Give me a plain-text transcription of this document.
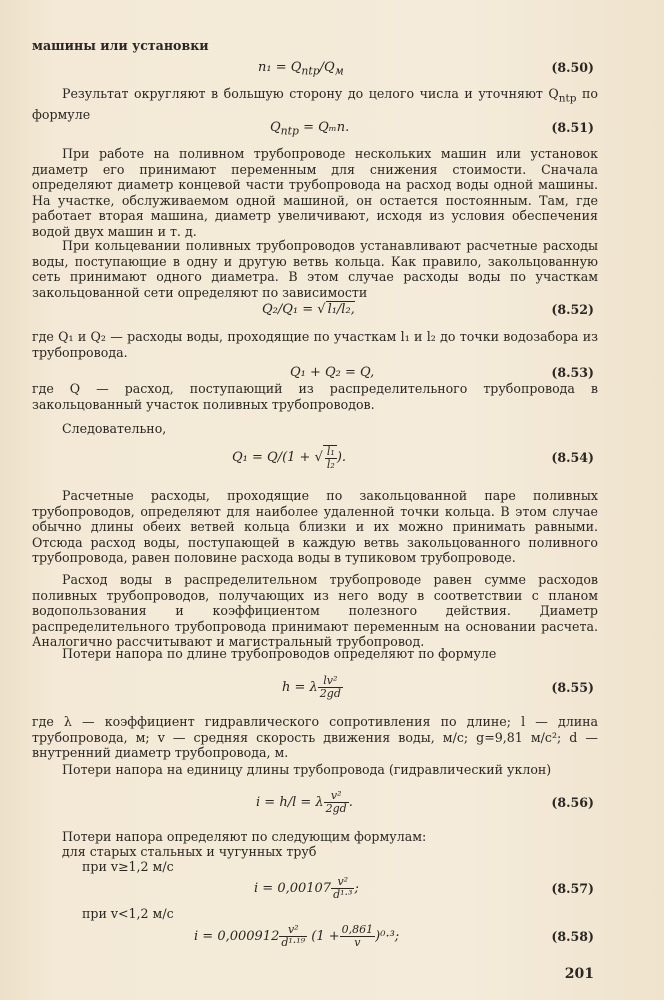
машины или установки

$n_1 = Q_{ntp}/Q_м$	(8.50)

Результат округляют в большую сторону до целого числа и уточняют $Q_{ntp}$ по формуле

$Q_{ntp} = Q_mn$.	(8.51)

При работе на поливном трубопроводе нескольких машин или установок диаметр его принимают переменным для снижения стоимости. Сначала определяют диаметр концевой части трубопровода на расход воды одной машины. На участке, обслуживаемом одной машиной, он остается постоянным. Там, где работает вторая машина, диаметр увеличивают, исходя из условия обеспечения водой двух машин и т. д.

При кольцевании поливных трубопроводов устанавливают расчетные расходы воды, поступающие в одну и другую ветвь кольца. Как правило, закольцованную сеть принимают одного диаметра. В этом случае расходы воды по участкам закольцованной сети определяют по зависимости

Q₂/Q₁ = √ l₁/l₂,	(8.52)

где Q₁ и Q₂ — расходы воды, проходящие по участкам l₁ и l₂ до точки водозабора из трубопровода.

Q₁ + Q₂ = Q,	(8.53)

где Q — расход, поступающий из распределительного трубопровода в закольцованный участок поливных трубопроводов.

Следовательно,

Q₁ = Q/(1 + √ $\frac{\text{l₁}}{\text{l₂}}$ ).	(8.54)

Расчетные расходы, проходящие по закольцованной паре поливных трубопроводов, определяют для наиболее удаленной точки кольца. В этом случае обычно длины обеих ветвей кольца близки и их можно принимать равными. Отсюда расход воды, поступающей в каждую ветвь закольцованного поливного трубопровода, равен половине расхода воды в тупиковом трубопроводе.

Расход воды в распределительном трубопроводе равен сумме расходов поливных трубопроводов, получающих из него воду в соответствии с планом водопользования и коэффициентом полезного действия. Диаметр распределительного трубопровода принимают переменным на основании расчета. Аналогично рассчитывают и магистральный трубопровод.

Потери напора по длине трубопроводов определяют по формуле

h = λ $\frac{\text{lv²}}{2gd}$	(8.55)

где λ — коэффициент гидравлического сопротивления по длине; l — длина трубопровода, м; v — средняя скорость движения воды, м/с; g=9,81 м/с²; d — внутренний диаметр трубопровода, м.

Потери напора на единицу длины трубопровода (гидравлический уклон)

i = h/l = λ $\frac{\text{v²}}{2gd}$ .	(8.56)

Потери напора определяют по следующим формулам:

для старых стальных и чугунных труб

при v≥1,2 м/с

$i = 0,00107 \frac{\text{v²}}{\text{d¹·³}}$ ;	(8.57)

при v<1,2 м/с

$i = 0,000912 \frac{\text{v²}}{\text{d¹·¹⁹}} (1 + \frac{0,861}{v} )^0\cdot^3$;	(8.58)
201
